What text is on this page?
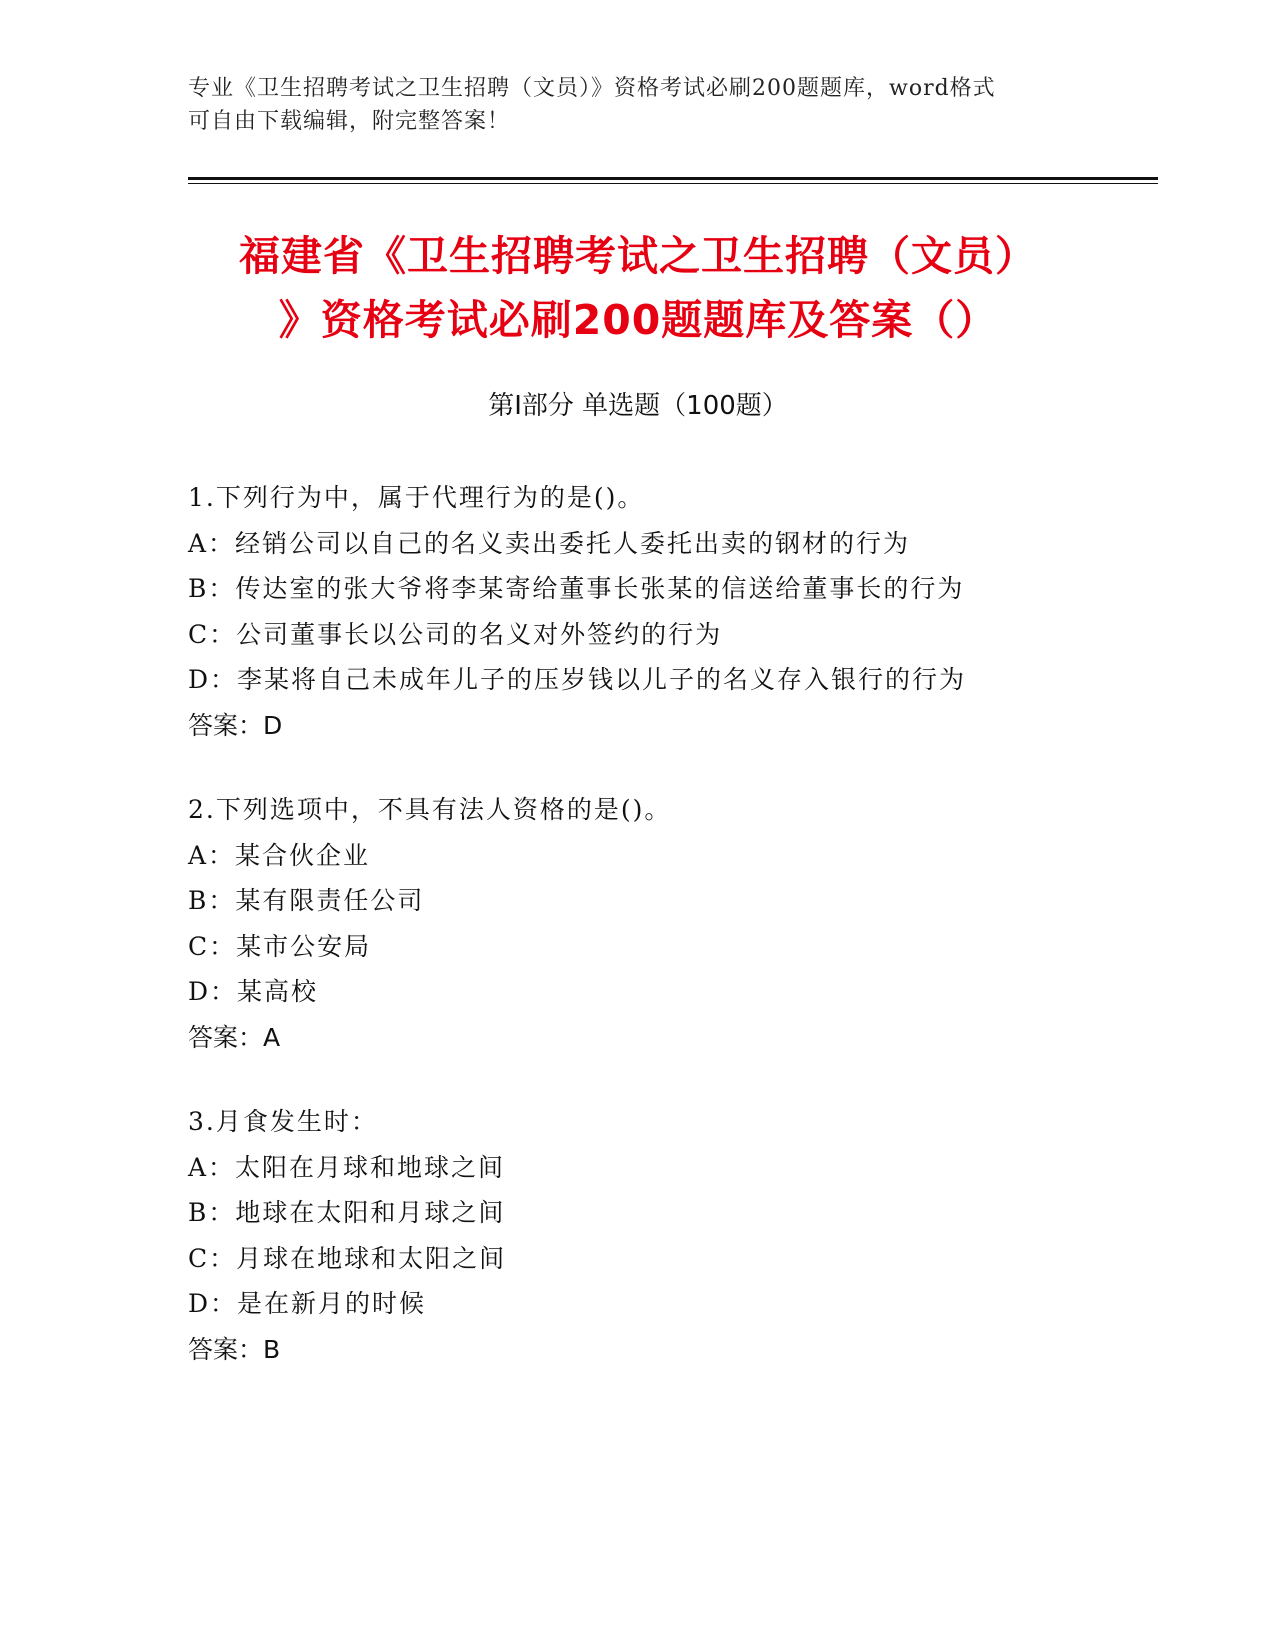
专业《卫生招聘考试之卫生招聘（文员）》资格考试必刷200题题库，word格式
可自由下载编辑，附完整答案！
福建省《卫生招聘考试之卫生招聘（文员）
》资格考试必刷200题题库及答案（）
第Ⅰ部分 单选题（100题）
1.下列行为中，属于代理行为的是()。
A：经销公司以自己的名义卖出委托人委托出卖的钢材的行为
B：传达室的张大爷将李某寄给董事长张某的信送给董事长的行为
C：公司董事长以公司的名义对外签约的行为
D：李某将自己未成年儿子的压岁钱以儿子的名义存入银行的行为
答案：D
2.下列选项中，不具有法人资格的是()。
A：某合伙企业
B：某有限责任公司
C：某市公安局
D：某高校
答案：A
3.月食发生时：
A：太阳在月球和地球之间
B：地球在太阳和月球之间
C：月球在地球和太阳之间
D：是在新月的时候
答案：B
